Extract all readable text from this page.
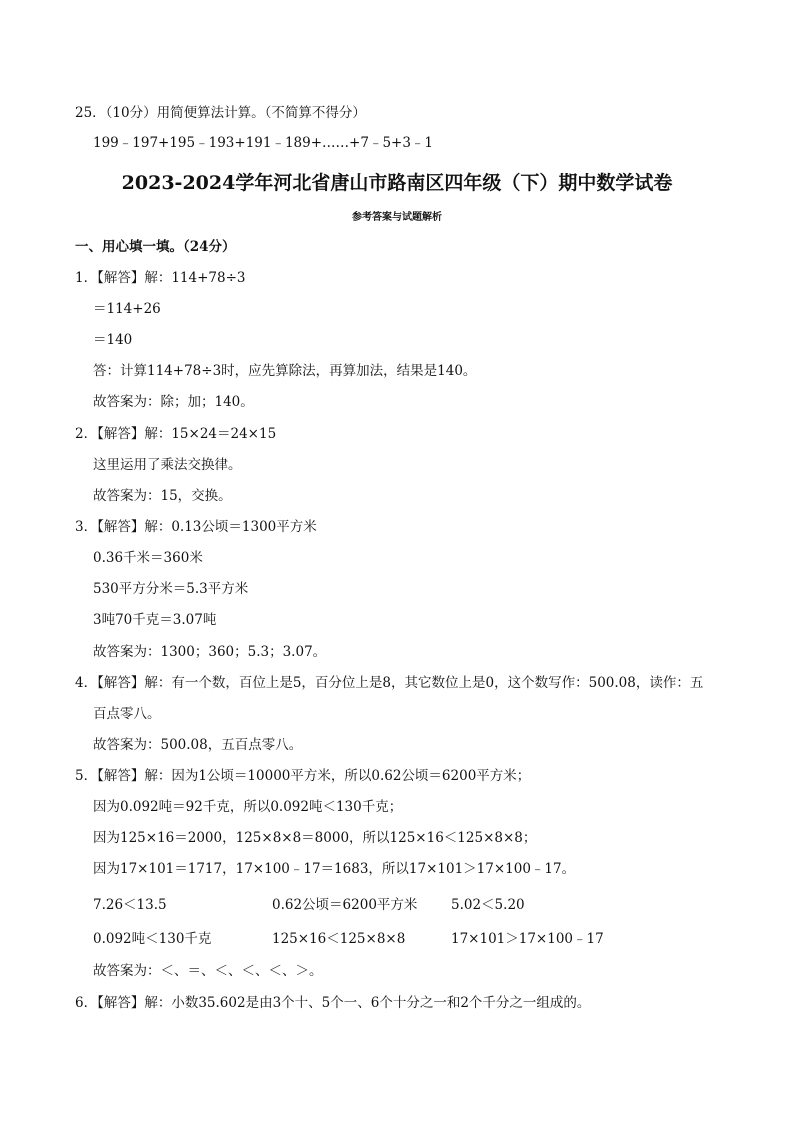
25．（10分）用简便算法计算。（不简算不得分）
199﹣197+195﹣193+191﹣189+……+7﹣5+3﹣1
2023-2024学年河北省唐山市路南区四年级（下）期中数学试卷
参考答案与试题解析
一、用心填一填。（24分）
1．【解答】解：114+78÷3
＝114+26
＝140
答：计算114+78÷3时，应先算除法，再算加法，结果是140。
故答案为：除；加；140。
2．【解答】解：15×24＝24×15
这里运用了乘法交换律。
故答案为：15，交换。
3．【解答】解：0.13公顷＝1300平方米
0.36千米＝360米
530平方分米＝5.3平方米
3吨70千克＝3.07吨
故答案为：1300；360；5.3；3.07。
4．【解答】解：有一个数，百位上是5，百分位上是8，其它数位上是0，这个数写作：500.08，读作：五
百点零八。
故答案为：500.08，五百点零八。
5．【解答】解：因为1公顷＝10000平方米，所以0.62公顷＝6200平方米；
因为0.092吨＝92千克，所以0.092吨＜130千克；
因为125×16＝2000，125×8×8＝8000，所以125×16＜125×8×8；
因为17×101＝1717，17×100﹣17＝1683，所以17×101＞17×100﹣17。
7.26＜13.5	0.62公顷＝6200平方米 5.02＜5.20
0.092吨＜130千克	125×16＜125×8×8	17×101＞17×100﹣17
故答案为：＜、＝、＜、＜、＜、＞。
6．【解答】解：小数35.602是由3个十、5个一、6个十分之一和2个千分之一组成的。
